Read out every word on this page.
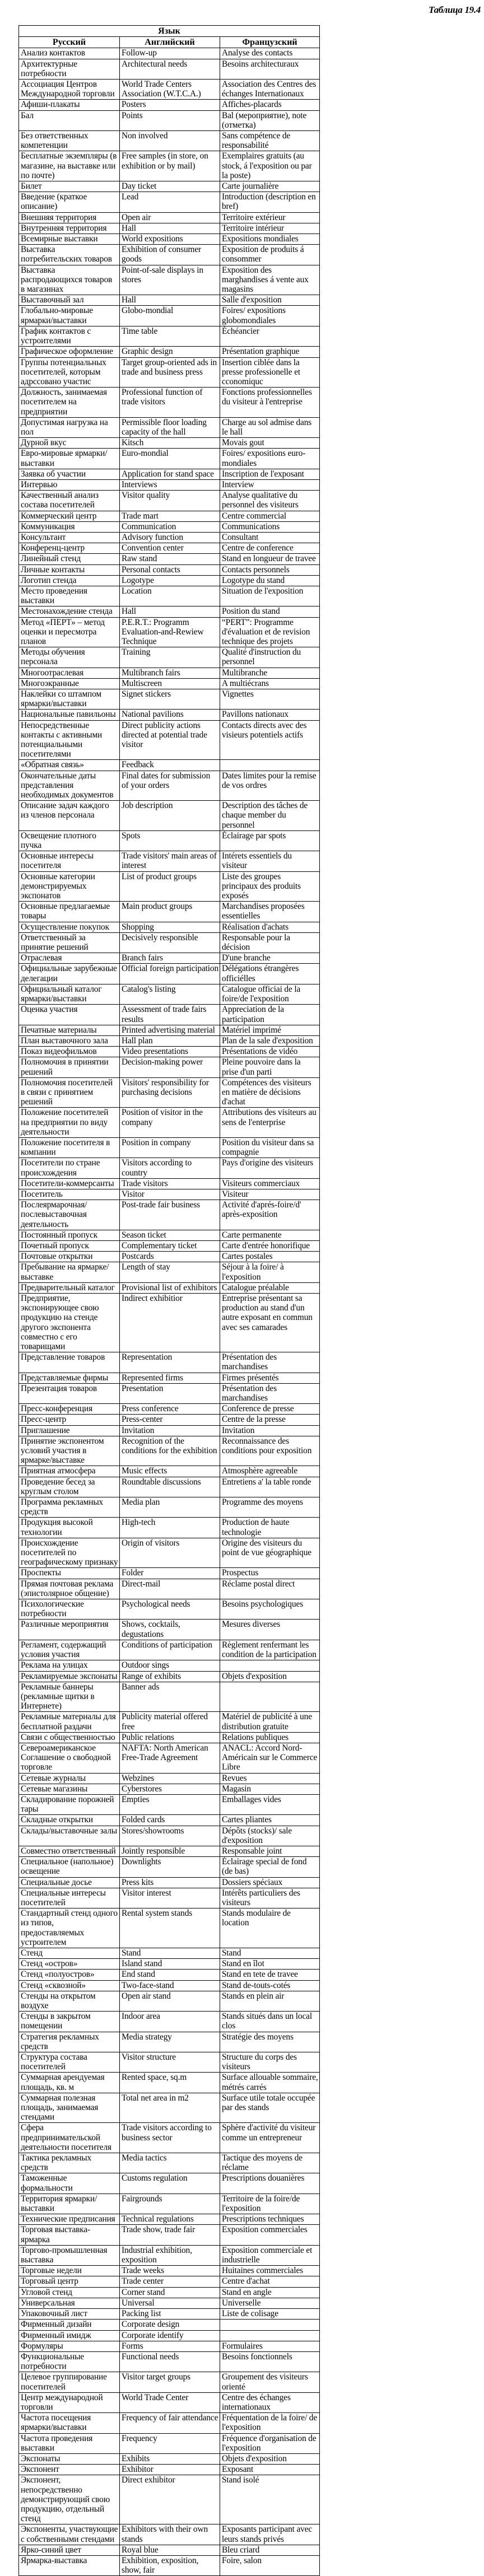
Таблица 19.4
Язык		
Русский	Английский	Французский
Анализ контактов	Follow-up	Analyse des contacts
Архитектурные потребности	Architectural needs	Besoins architecturaux
Ассоциация Центров Международной торговли	World Trade Centers Association (W.T.C.A.)	Association des Centres des échanges Internationaux
Афиши-плакаты	Posters	Affiches-placards
Бал	Points	Bal (мероприятие), note (отметка)
Без ответственных компетенции	Non involved	Sans compétence de responsabilité
Бесплатные экземпляры (в магазине, на выставке или по почте)	Free samples (in store, on exhibition or by mail)	Exemplaires gratuits (au stock, á l'exposition ou par la poste)
Билет	Day ticket	Carte journalière
Введение (краткое описание)	Lead	Introduction (description en bref)
Внешняя территория	Open air	Territoire extérieur
Внутренняя территория	Hall	Territoire intérieur
Всемирные выставки	World expositions	Expositions mondiales
Выставка потребительских товаров	Exhibition of consumer goods	Exposition de produits á consommer
Выставка распродающихся товаров в магазинах	Point-of-sale displays in stores	Exposition des marghandises á vente aux magasins
Выставочный зал	Hall	Salle d'exposition
Глобально-мировые ярмарки/выставки	Globo-mondial	Foires/ expositions globomondiales
График контактов с устроителями	Time table	Échéancier
Графическое оформление	Graphic design	Présentation graphique
Группы потенциальных посетителей, которым адрсcовано участис	Target group-oriented ads in trade and business press	Insertion ciblée dans la presse professionelle et cconomiquc
Должность, занимаемая посетителем на предприятии	Professional function of trade visitors	Fonctions professionnelles du visiteur à l'entreprise
Допустимая нагрузка на пол	Permissible floor loading capacity of the hall	Charge au sol admise dans le hall
Дурной вкус	Kitsch	Movais gout
Евро-мировые ярмарки/выставки	Euro-mondial	Foires/ expositions euro-mondiales
Заявка об участии	Application for stand space	Inscription de l'exposant
Интервью	Interviews	Interview
Качественный анализ состава посетителей	Visitor quality	Analyse qualitative du personnel des visiteurs
Коммерческий центр	Trade mart	Centre commercial
Коммуникация	Communication	Communications
Консультант	Advisory function	Consultant
Конференц-центр	Convention center	Centre de conference
Линейный стенд	Raw stand	Stand en longueur de travee
Личные контакты	Personal contacts	Contacts personnels
Логотип стенда	Logotype	Logotype du stand
Место проведения выставки	Location	Situation de l'exposition
Местонахождение стенда	Hall	Position du stand
Метод «ПЕРТ» – метод оценки и пересмотра планов	P.E.R.T.: Programm Evaluation-and-Rewiew Technique	“PERT”: Programme d'évaluation et de revision technique des projets
Методы обучения персонала	Training	Qualité d'instruction du personnel
Многоотраслевая	Multibranch fairs	Multibranche
Многоэкранные	Multiscreen	A multiécrans
Наклейки со штампом ярмарки/выставки	Signet stickers	Vignettes
Национальные павильоны	National pavilions	Pavillons nationaux
Непосредственные контакты с активными потенциальными посетителями	Direct publicity actions directed at potential trade visitor	Contacts directs avec des visieurs potentiels actifs
«Обратная связь»	Feedback	
Окончательные даты представления необходимых документов	Final dates for submission of your orders	Dates limites pour la remise de vos ordres
Описание задач каждого из членов персонала	Job description	Description des tâches de chaque member du personnel
Освещение плотного пучка	Spots	Éclairage par spots
Основные интересы посетителя	Trade visitors' main areas of interest	Intérets essentiels du visiteur
Основные категории демонстрируемых экспонатов	List of product groups	Liste des groupes principaux des produits exposés
Основные предлагаемые товары	Main product groups	Marchandises proposées essentielles
Осуществление покупок	Shopping	Réalisation d'achats
Ответственный за принятие решений	Decisively responsible	Responsable pour la décision
Отраслевая	Branch fairs	D'une branche
Официальные зарубежные делегации	Official foreign participation	Délégations étrangères officiélles
Официальный каталог ярмарки/выставки	Catalog's listing	Catalogue officiai de la foire/de l'exposition
Оценка участия	Assessment of trade fairs results	Appreciation de la participation
Печатные материалы	Printed advertising material	Matériel imprimé
План выставочного зала	Hall plan	Plan de la sale d'exposition
Показ видеофильмов	Video presentations	Présentations de vidéo
Полномочия в принятии решений	Decision-making power	Pleine pouvoire dans la prise d'un parti
Полномочия посетителей в связи с принятием решений	Visitors' responsibility for purchasing decisions	Compétences des visiteurs en matière de décisions d'achat
Положение посетителей на предприятии по виду деятельности	Position of visitor in the company	Attributions des visiteurs au sens de l'enterprise
Положение посетителя в компании	Position in company	Position du visiteur dans sa compagnie
Посетители по стране происхождения	Visitors according to country	Pays d'origine des visiteurs
Посетители-коммерсанты	Trade visitors	Visiteurs commerciaux
Посетитель	Visitor	Visiteur
Послеярмарочная/ послевыставочная деятельность	Post-trade fair business	Activité d'aprés-foire/d' après-exposition
Постоянный пропуск	Season ticket	Carte permanente
Почетный пропуск	Complementary ticket	Carte d'entrée honorifique
Почтовые открытки	Postcards	Cartes postales
Пребывание на ярмарке/выставке	Length of stay	Séjour à la foire/ à l'exposition
Предварительный каталог	Provisional list of exhibitors	Catalogue préalable
Предприятие, экспонирующее свою продукцию на стенде другого экспонента совместно с его товарищами	Indirect exhibitior	Entreprise présentant sa production au stand d'un autre exposant en commun avec ses camarades
Представление товаров	Representation	Présentation des marchandises
Представляемые фирмы	Represented firms	Firmes présentés
Презентация товаров	Presentation	Présentation des marchandises
Пресс-конференция	Press conference	Conference de presse
Пресс-центр	Press-center	Centre de la presse
Приглашение	Invitation	Invitation
Принятие экспонентом условий участия в ярмарке/выставке	Recognition of the conditions for the exhibition	Reconnaissance des conditions pour exposition
Приятная атмосфера	Music effects	Atmosphère agreeable
Проведение бесед за круглым столом	Roundtable discussions	Entretiens a' la table ronde
Программа рекламных средств	Media plan	Programme des moyens
Продукция высокой технологии	High-tech	Production de haute technologie
Происхождение посетителей по географическому признаку	Origin of visitors	Origine des visiteurs du point de vue géographique
Проспекты	Folder	Prospectus
Прямая почтовая реклама (эпистолярное общение)	Direct-mail	Réclame postal direct
Психологические потребности	Psychological needs	Besoins psychologiques
Различные мероприятия	Shows, cocktails, degustations	Mesures diverses
Регламент, содержащий условия участия	Conditions of participation	Règlement renfermant les condition de la participation
Реклама на улицах	Outdoor sings	
Рекламируемые экспонаты	Range of exhibits	Objets d'exposition
Рекламные баннеры (рекламные щитки в Интернете)	Banner ads	
Рекламные материалы для бесплатной раздачи	Publicity material offered free	Matériel de publicité à une distribution gratuite
Связи с общественностью	Public relations	Relations publiques
Североамериканское Соглашение о свободной торговле	NAFTA: North American Free-Trade Agreement	ANACL: Accord Nord-Américain sur le Commerce Libre
Сетевые журналы	Webzines	Revues
Сетевые магазины	Cyberstores	Magasin
Складирование порожней тары	Empties	Emballages vides
Складные открытки	Folded cards	Cartes pliantes
Склады/выставочные залы	Stores/showrooms	Dépôts (stocks)/ sale d'exposition
Совместно ответственный	Jointly responsible	Responsable joint
Специальное (напольное) освещение	Downlights	Éclairage special de fond (de bas)
Специальные досье	Press kits	Dossiers spéciaux
Специальные интересы посетителей	Visitor interest	Intérêts particuliers des visiteurs
Стандартный стенд одного из типов, предоставляемых устроителем	Rental system stands	Stands modulaire de location
Стенд	Stand	Stand
Стенд «остров»	Island stand	Stand en îlot
Стенд «полуостров»	End stand	Stand en tete de travee
Стенд «сквозной»	Two-face-stand	Stand de-touts-cotés
Стенды на открытом воздухе	Open air stand	Stands en plein air
Стенды в закрытом помещении	Indoor area	Stands situés dans un local clos
Стратегия рекламных средств	Media strategy	Stratégie des moyens
Структура состава посетителей	Visitor structure	Structure du corps des visiteurs
Суммарная арендуемая площадь, кв. м	Rented space, sq.m	Surface allouable sommaire, métrés carrés
Суммарная полезная площадь, занимаемая стендами	Total net area in m2	Surface utile totale occupée par des stands
Сфера предпринимательской деятельности посетителя	Trade visitors according to business sector	Sphère d'activité du visiteur comme un entrepreneur
Тактика рекламных средств	Media tactics	Tactique des moyens de réclame
Таможенные формальности	Customs regulation	Prescriptions douanières
Территория ярмарки/выставки	Fairgrounds	Territoire de la foire/de l'exposition
Технические предписания	Technical regulations	Prescriptions techniques
Торговая выставка-ярмарка	Trade show, trade fair	Exposition commerciales
Торгово-промышленная выставка	Industrial exhibition, exposition	Exposition commerciale et industrielle
Торговые недели	Trade weeks	Huitaines commerciales
Торговый центр	Trade center	Centre d'achat
Угловой стенд	Corner stand	Stand en angle
Универсальная	Universal	Universelle
Упаковочный лист	Packing list	Liste de colisage
Фирменный дизайн	Corporate design	
Фирменный имидж	Corporate identify	
Формуляры	Forms	Formulaires
Функциональные потребности	Functional needs	Besoins fonctionnels
Целевое группирование посетителей	Visitor target groups	Groupement des visiteurs orienté
Центр международной торговли	World Trade Center	Centre des échanges internationaux
Частота посещения ярмарки/выставки	Frequency of fair attendance	Fréquentation de la foire/ de l'exposition
Частота проведения выставки	Frequency	Fréquence d'organisation de l'exposition
Экспонаты	Exhibits	Objets d'exposition
Экспонент	Exhibitor	Exposant
Экспонент, непосредственно демонстрирующий свою продукцию, отдельный стенд	Direct exhibitor	Stand isolé
Экспоненты, участвующие с собственными стендами	Exhibitors with their own stands	Exposants participant avec leurs stands privés
Ярко-синий цвет	Royal blue	Bleu criard
Ярмарка-выставка	Exhibition, exposition, show, fair	Foire, salon
